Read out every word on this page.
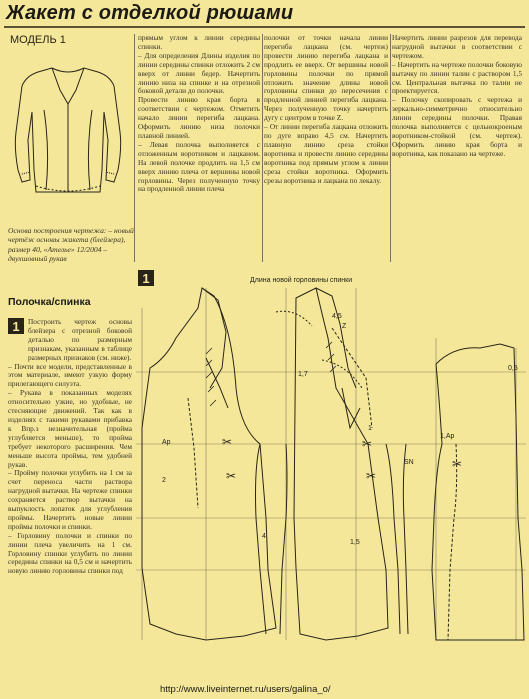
Жакет с отделкой рюшами
МОДЕЛЬ 1
Основа построения чертежа: – новый чертёж основы жакета (блейзера), размер 40, «Ателье» 12/2004 – двухшовный рукав
Полочка/спинка
1	Построить чертеж основы блейзера с отрезной боковой деталью по размерным признакам, указанным в таблице размерных признаков (см. ниже).

– Почти все модели, представленные в этом материале, имеют узкую форму прилегающего силуэта.

– Рукава в показанных моделях относительно узкие, но удобные, не стесняющие движений. Так как в изделиях с такими рукавами прибавка к Впр.з незначительная (пройма углубляется меньше), то пройма требует некоторого расширения. Чем меньше высота проймы, тем удобней рукав.

– Пройму полочки углубить на 1 см за счет переноса части раствора нагрудной вытачки. На чертеже спинки сохраняется раствор вытачки на выпуклость лопаток для углубления проймы. Начертить новые линии проймы полочки и спинки.

– Горловину полочки и спинки по линии плеча увеличить на 1 см. Горловину спинки углубить по линии середины спинки на 0,5 см и начертить новую линию горловины спинки под

прямым углом к линии середины спинки.

– Для определения Длины изделия по линии середины спинки отложить 2 см вверх от линии бедер. Начертить линию низа на спинке и на отрезной боковой детали до полочки.

Провести линию края борта в соответствии с чертежом. Отметить начало линии перегиба лацкана. Оформить линию низа полочки плавной линией.

– Левая полочка выполняется с отложенным воротником и лацканом. На левой полочке продлить на 1,5 см вверх линию плеча от вершины новой горловины. Через полученную точку на продленной линии плеча

полочки от точки начала линии перегиба лацкана (см. чертеж) провести линию перегиба лацкана и продлить ее вверх. От вершины новой горловины полочки по прямой отложить значение длины новой горловины спинки до пересечения с продленной линией перегиба лацкана. Через полученную точку начертить дугу с центром в точке Z.

– От линии перегиба лацкана отложить по дуге вправо 4,5 см. Начертить плавную линию среза стойки воротника и провести линию середины воротника под прямым углом к линии среза стойки воротника. Оформить срезы воротника и лацкана по лекалу.

Начертить линии разрезов для перевода нагрудной вытачки в соответствии с чертежом.

– Начертить на чертеже полочки боковую вытачку по линии талии с раствором 1,5 см. Центральная вытачка по талии не проектируется.

– Полочку скопировать с чертежа и зеркально-симметрично относительно линии середины полочки. Правая полочка выполняется с цельнокроеным воротником-стойкой (см. чертеж). Оформить линию края борта и воротника, как показано на чертеже.

1
✂
✂
✂
✂
✂
Длина новой горловины спинки
Ар
1,Ар
SN
Z
0,5
1,5
1,7
4
4,5
2
1
http://www.liveinternet.ru/users/galina_o/
